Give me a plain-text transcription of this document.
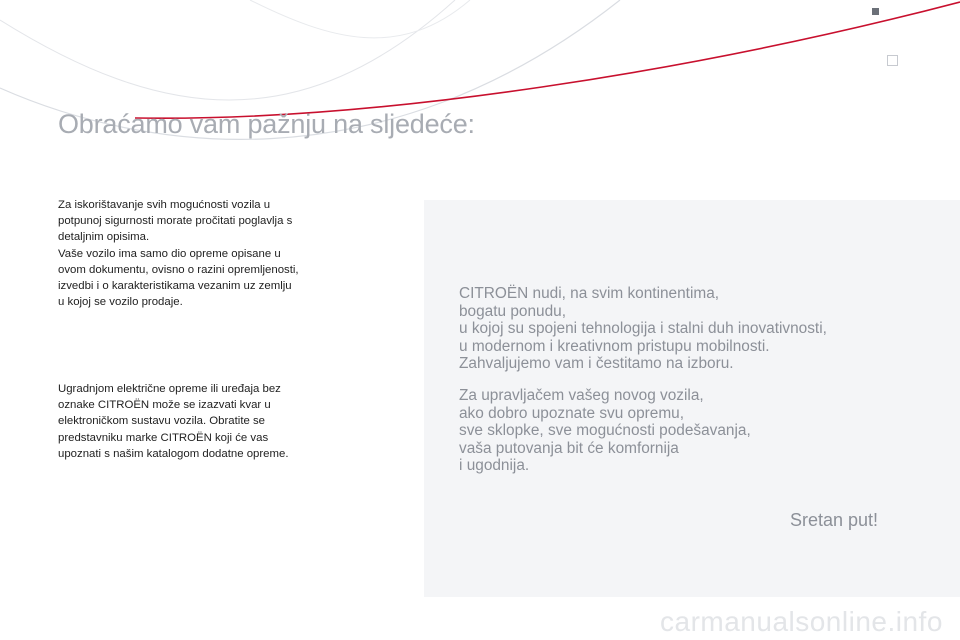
Obraćamo vam pažnju na sljedeće:

Za iskorištavanje svih mogućnosti vozila u
potpunoj sigurnosti morate pročitati poglavlja s
detaljnim opisima.
Vaše vozilo ima samo dio opreme opisane u
ovom dokumentu, ovisno o razini opremljenosti,
izvedbi i o karakteristikama vezanim uz zemlju
u kojoj se vozilo prodaje.

Ugradnjom električne opreme ili uređaja bez
oznake CITROËN može se izazvati kvar u
elektroničkom sustavu vozila. Obratite se
predstavniku marke CITROËN koji će vas
upoznati s našim katalogom dodatne opreme.

CITROËN nudi, na svim kontinentima,
bogatu ponudu,
u kojoj su spojeni tehnologija i stalni duh inovativnosti,
u modernom i kreativnom pristupu mobilnosti.
Zahvaljujemo vam i čestitamo na izboru.

Za upravljačem vašeg novog vozila,
ako dobro upoznate svu opremu,
sve sklopke, sve mogućnosti podešavanja,
vaša putovanja bit će komfornija
i ugodnija.

Sretan put!

carmanualsonline.info
